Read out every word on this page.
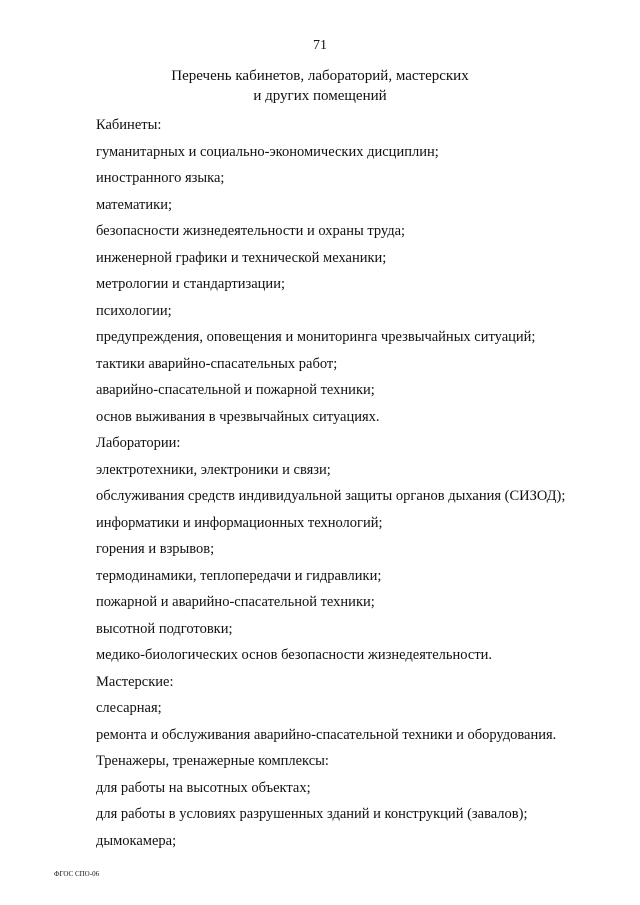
71
Перечень кабинетов, лабораторий, мастерских
и других помещений
Кабинеты:
гуманитарных и социально-экономических дисциплин;
иностранного языка;
математики;
безопасности жизнедеятельности и охраны труда;
инженерной графики и технической механики;
метрологии и стандартизации;
психологии;
предупреждения, оповещения и мониторинга чрезвычайных ситуаций;
тактики аварийно-спасательных работ;
аварийно-спасательной и пожарной техники;
основ выживания в чрезвычайных ситуациях.
Лаборатории:
электротехники, электроники и связи;
обслуживания средств индивидуальной защиты органов дыхания (СИЗОД);
информатики и информационных технологий;
горения и взрывов;
термодинамики, теплопередачи и гидравлики;
пожарной и аварийно-спасательной техники;
высотной подготовки;
медико-биологических основ безопасности жизнедеятельности.
Мастерские:
слесарная;
ремонта и обслуживания аварийно-спасательной техники и оборудования.
Тренажеры, тренажерные комплексы:
для работы на высотных объектах;
для работы в условиях разрушенных зданий и конструкций (завалов);
дымокамера;
ФГОС СПО-06
